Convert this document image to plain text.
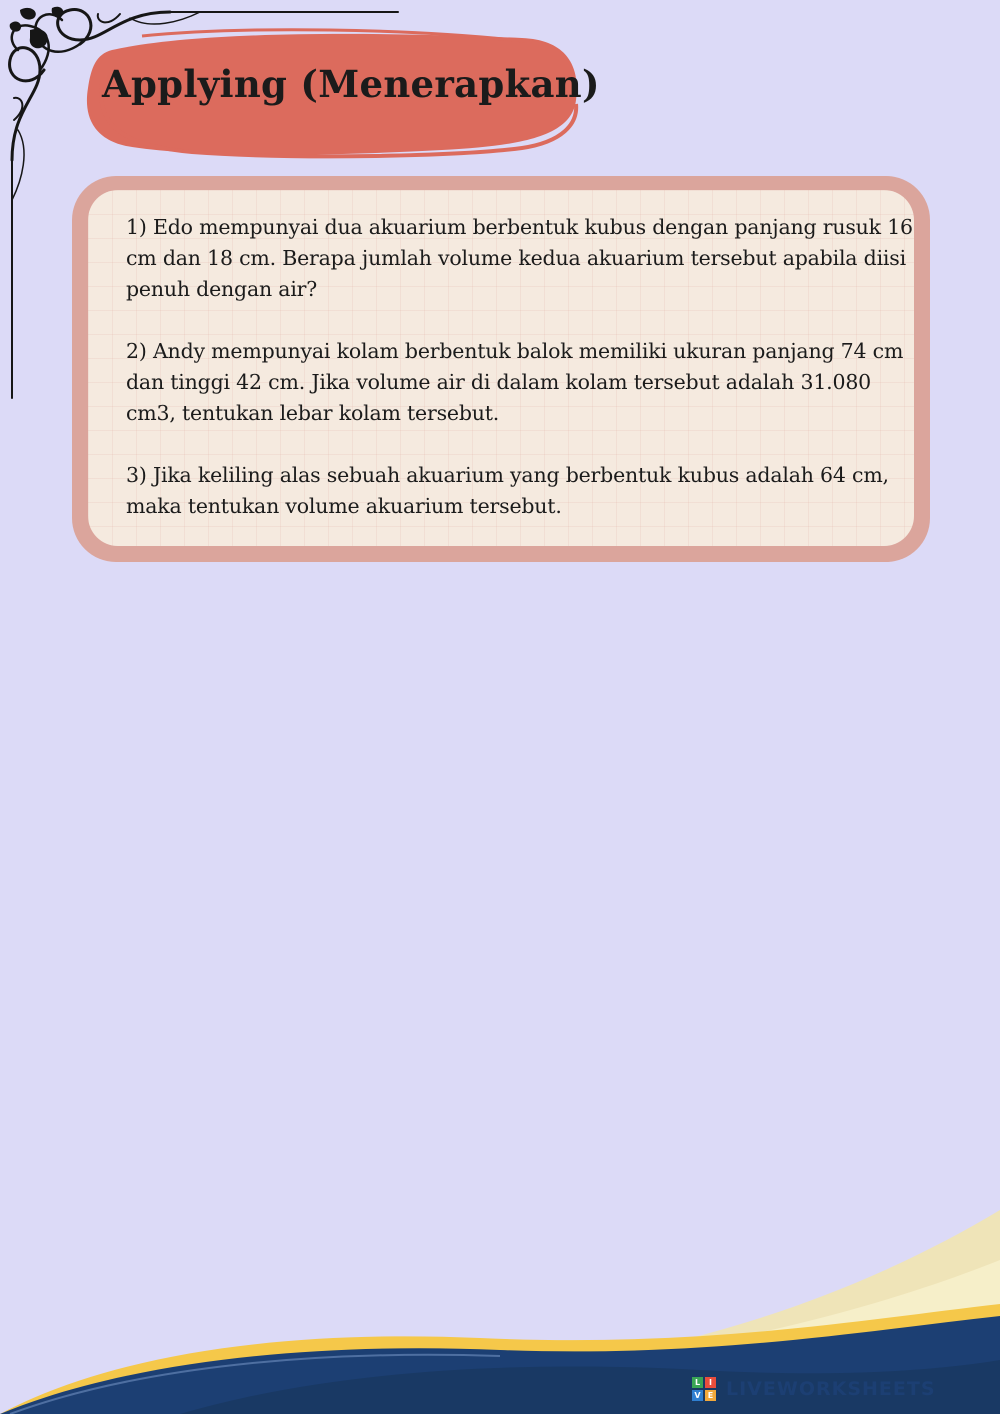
Applying (Menerapkan)
1) Edo mempunyai dua akuarium berbentuk kubus dengan panjang rusuk 16 cm dan 18 cm. Berapa jumlah volume kedua akuarium tersebut apabila diisi penuh dengan air?
2) Andy mempunyai kolam berbentuk balok memiliki ukuran panjang 74 cm dan tinggi 42 cm. Jika volume air di dalam kolam tersebut adalah 31.080 cm3, tentukan lebar kolam tersebut.
3) Jika keliling alas sebuah akuarium yang berbentuk kubus adalah 64 cm, maka tentukan volume akuarium tersebut.
L	I
V E LIVEWORKSHEETS
